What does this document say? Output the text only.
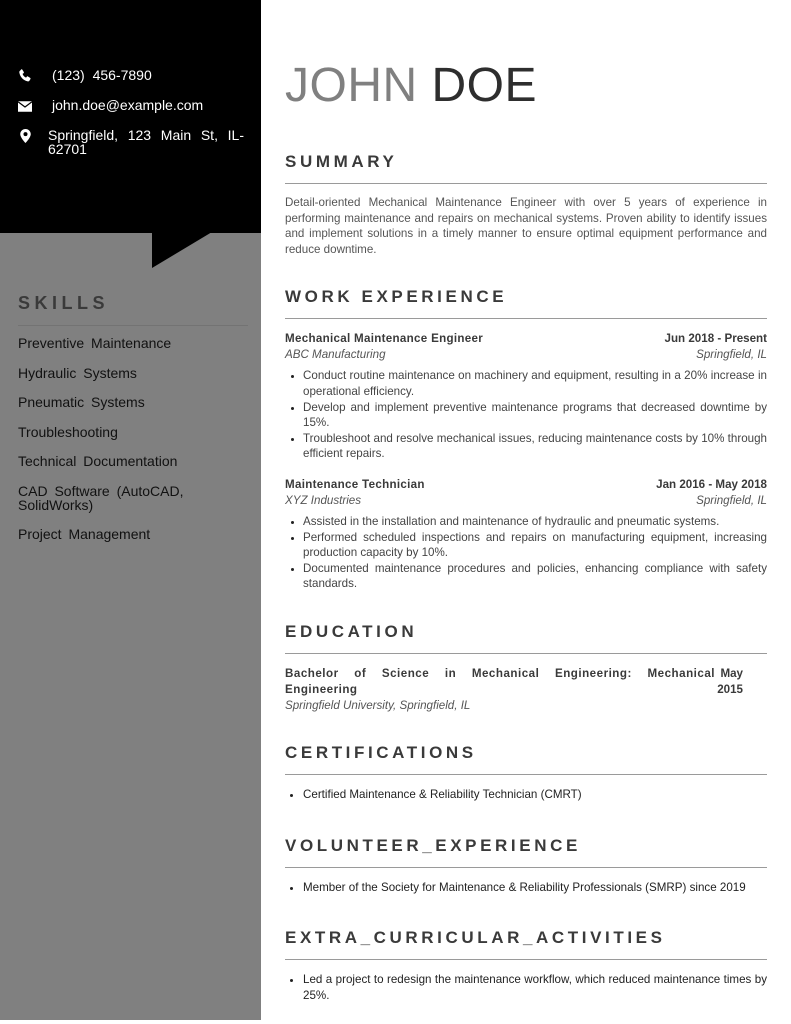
(123) 456-7890
john.doe@example.com
Springfield, 123 Main St, IL-62701
SKILLS
Preventive Maintenance
Hydraulic Systems
Pneumatic Systems
Troubleshooting
Technical Documentation
CAD Software (AutoCAD, SolidWorks)
Project Management
JOHN DOE
SUMMARY

Detail-oriented Mechanical Maintenance Engineer with over 5 years of experience in performing maintenance and repairs on mechanical systems. Proven ability to identify issues and implement solutions in a timely manner to ensure optimal equipment performance and reduce downtime.

WORK EXPERIENCE
Mechanical Maintenance Engineer	Jun 2018 - Present
ABC Manufacturing	Springfield, IL
• Conduct routine maintenance on machinery and equipment, resulting in a 20% increase in operational efficiency.
• Develop and implement preventive maintenance programs that decreased downtime by 15%.
• Troubleshoot and resolve mechanical issues, reducing maintenance costs by 10% through efficient repairs.
Maintenance Technician	Jan 2016 - May 2018
XYZ Industries	Springfield, IL
• Assisted in the installation and maintenance of hydraulic and pneumatic systems.
• Performed scheduled inspections and repairs on manufacturing equipment, increasing production capacity by 10%.
• Documented maintenance procedures and policies, enhancing compliance with safety standards.
EDUCATION
Bachelor of Science in Mechanical Engineering: Mechanical Engineering
May 2015
Springfield University, Springfield, IL
CERTIFICATIONS
• Certified Maintenance & Reliability Technician (CMRT)
VOLUNTEER_EXPERIENCE
• Member of the Society for Maintenance & Reliability Professionals (SMRP) since 2019
EXTRA_CURRICULAR_ACTIVITIES
• Led a project to redesign the maintenance workflow, which reduced maintenance times by 25%.
